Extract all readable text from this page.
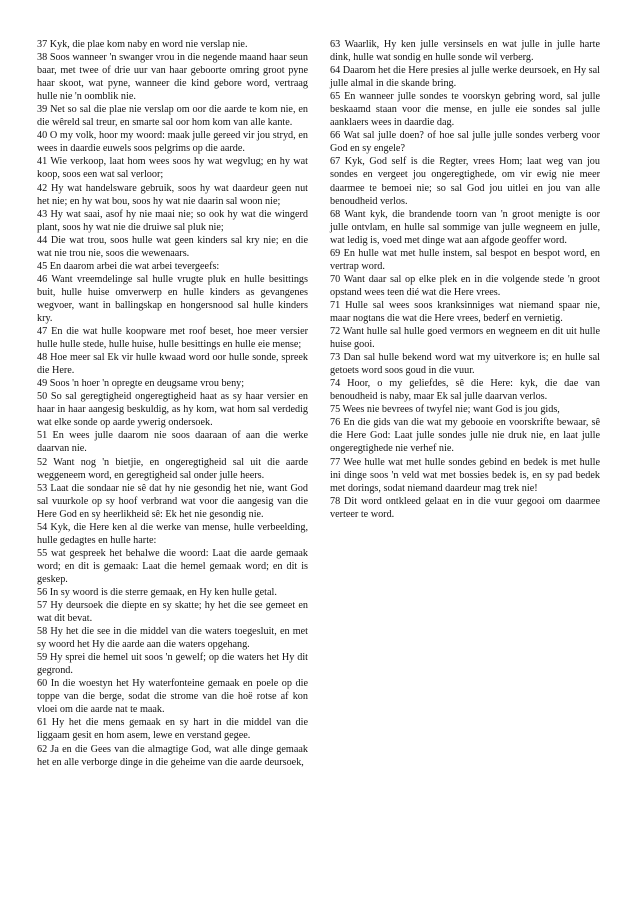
37 Kyk, die plae kom naby en word nie verslap nie.

38 Soos wanneer 'n swanger vrou in die negende maand haar seun baar, met twee of drie uur van haar geboorte omring groot pyne haar skoot, wat pyne, wanneer die kind gebore word, vertraag hulle nie 'n oomblik nie.

39 Net so sal die plae nie verslap om oor die aarde te kom nie, en die wêreld sal treur, en smarte sal oor hom kom van alle kante.

40 O my volk, hoor my woord: maak julle gereed vir jou stryd, en wees in daardie euwels soos pelgrims op die aarde.

41 Wie verkoop, laat hom wees soos hy wat wegvlug; en hy wat koop, soos een wat sal verloor;

42 Hy wat handelsware gebruik, soos hy wat daardeur geen nut het nie; en hy wat bou, soos hy wat nie daarin sal woon nie;

43 Hy wat saai, asof hy nie maai nie; so ook hy wat die wingerd plant, soos hy wat nie die druiwe sal pluk nie;

44 Die wat trou, soos hulle wat geen kinders sal kry nie; en die wat nie trou nie, soos die wewenaars.

45 En daarom arbei die wat arbei tevergeefs:

46 Want vreemdelinge sal hulle vrugte pluk en hulle besittings buit, hulle huise omverwerp en hulle kinders as gevangenes wegvoer, want in ballingskap en hongersnood sal hulle kinders kry.

47 En die wat hulle koopware met roof beset, hoe meer versier hulle hulle stede, hulle huise, hulle besittings en hulle eie mense;

48 Hoe meer sal Ek vir hulle kwaad word oor hulle sonde, spreek die Here.

49 Soos 'n hoer 'n opregte en deugsame vrou beny;

50 So sal geregtigheid ongeregtigheid haat as sy haar versier en haar in haar aangesig beskuldig, as hy kom, wat hom sal verdedig wat elke sonde op aarde ywerig ondersoek.

51 En wees julle daarom nie soos daaraan of aan die werke daarvan nie.

52 Want nog 'n bietjie, en ongeregtigheid sal uit die aarde weggeneem word, en geregtigheid sal onder julle heers.

53 Laat die sondaar nie sê dat hy nie gesondig het nie, want God sal vuurkole op sy hoof verbrand wat voor die aangesig van die Here God en sy heerlikheid sê: Ek het nie gesondig nie.

54 Kyk, die Here ken al die werke van mense, hulle verbeelding, hulle gedagtes en hulle harte:

55 wat gespreek het behalwe die woord: Laat die aarde gemaak word; en dit is gemaak: Laat die hemel gemaak word; en dit is geskep.

56 In sy woord is die sterre gemaak, en Hy ken hulle getal.

57 Hy deursoek die diepte en sy skatte; hy het die see gemeet en wat dit bevat.

58 Hy het die see in die middel van die waters toegesluit, en met sy woord het Hy die aarde aan die waters opgehang.

59 Hy sprei die hemel uit soos 'n gewelf; op die waters het Hy dit gegrond.

60 In die woestyn het Hy waterfonteine gemaak en poele op die toppe van die berge, sodat die strome van die hoë rotse af kon vloei om die aarde nat te maak.

61 Hy het die mens gemaak en sy hart in die middel van die liggaam gesit en hom asem, lewe en verstand gegee.

62 Ja en die Gees van die almagtige God, wat alle dinge gemaak het en alle verborge dinge in die geheime van die aarde deursoek,

63 Waarlik, Hy ken julle versinsels en wat julle in julle harte dink, hulle wat sondig en hulle sonde wil verberg.

64 Daarom het die Here presies al julle werke deursoek, en Hy sal julle almal in die skande bring.

65 En wanneer julle sondes te voorskyn gebring word, sal julle beskaamd staan voor die mense, en julle eie sondes sal julle aanklaers wees in daardie dag.

66 Wat sal julle doen? of hoe sal julle julle sondes verberg voor God en sy engele?

67 Kyk, God self is die Regter, vrees Hom; laat weg van jou sondes en vergeet jou ongeregtighede, om vir ewig nie meer daarmee te bemoei nie; so sal God jou uitlei en jou van alle benoudheid verlos.

68 Want kyk, die brandende toorn van 'n groot menigte is oor julle ontvlam, en hulle sal sommige van julle wegneem en julle, wat ledig is, voed met dinge wat aan afgode geoffer word.

69 En hulle wat met hulle instem, sal bespot en bespot word, en vertrap word.

70 Want daar sal op elke plek en in die volgende stede 'n groot opstand wees teen dié wat die Here vrees.

71 Hulle sal wees soos kranksinniges wat niemand spaar nie, maar nogtans die wat die Here vrees, bederf en vernietig.

72 Want hulle sal hulle goed vermors en wegneem en dit uit hulle huise gooi.

73 Dan sal hulle bekend word wat my uitverkore is; en hulle sal getoets word soos goud in die vuur.

74 Hoor, o my geliefdes, sê die Here: kyk, die dae van benoudheid is naby, maar Ek sal julle daarvan verlos.

75 Wees nie bevrees of twyfel nie; want God is jou gids,

76 En die gids van die wat my gebooie en voorskrifte bewaar, sê die Here God: Laat julle sondes julle nie druk nie, en laat julle ongeregtighede nie verhef nie.

77 Wee hulle wat met hulle sondes gebind en bedek is met hulle ini dinge soos 'n veld wat met bossies bedek is, en sy pad bedek met dorings, sodat niemand daardeur mag trek nie!

78 Dit word ontkleed gelaat en in die vuur gegooi om daarmee verteer te word.
